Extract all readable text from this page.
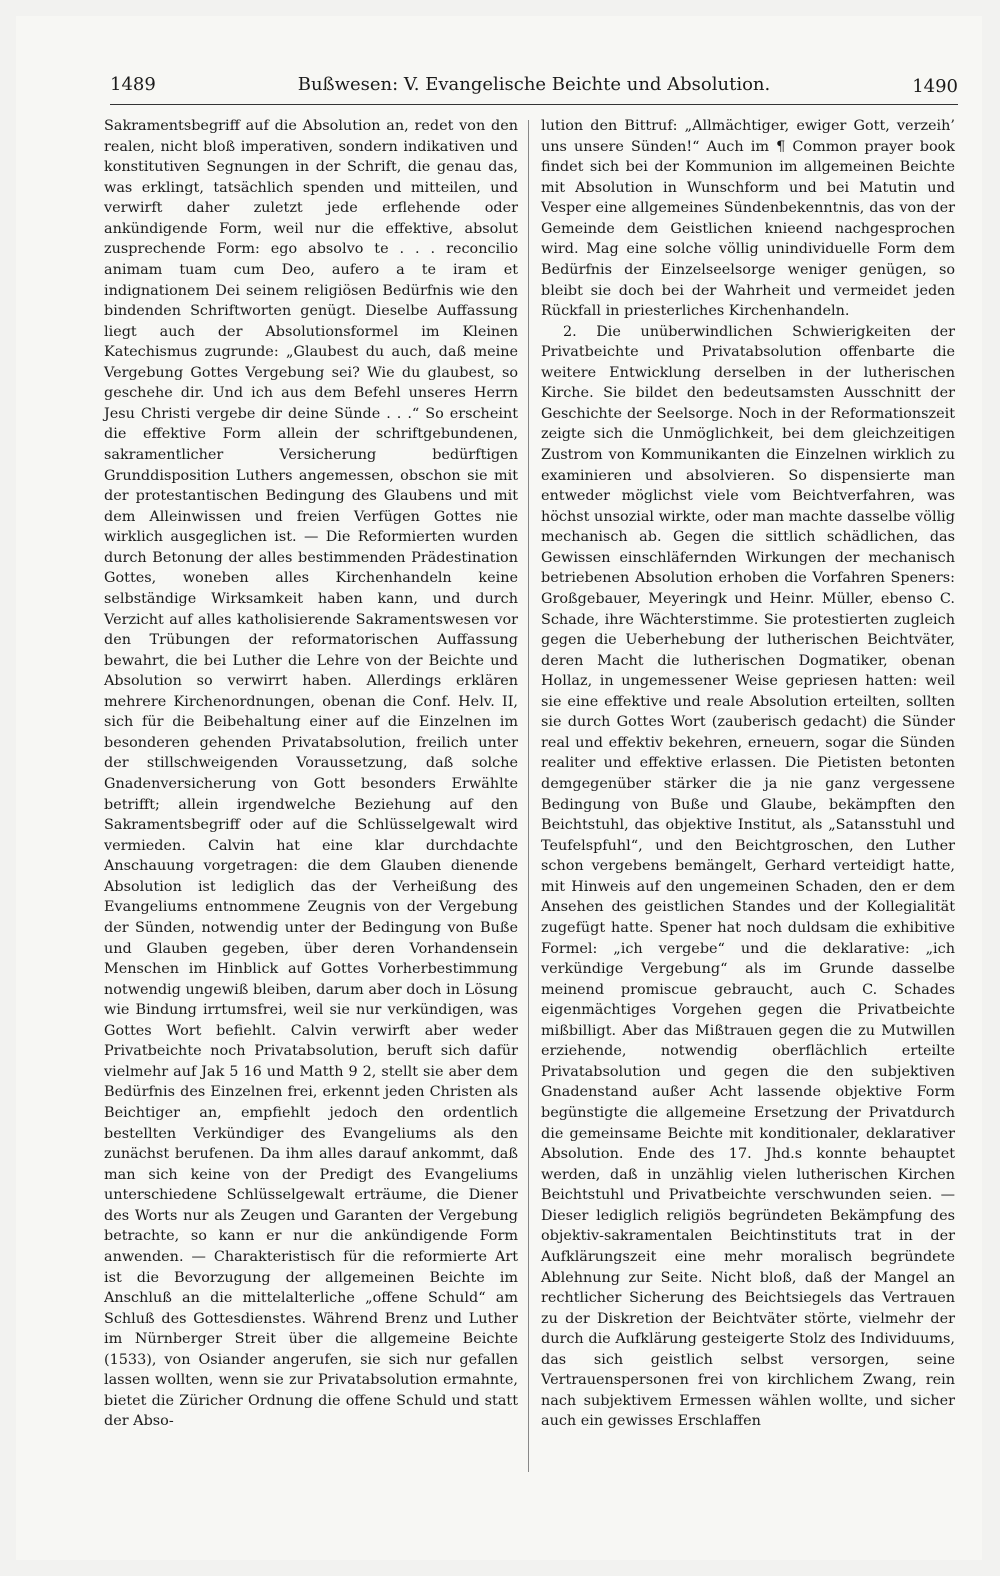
1489	Bußwesen: V. Evangelische Beichte und Absolution.	1490

Sakramentsbegriff auf die Absolution an, redet von den realen, nicht bloß imperativen, sondern indikativen und konstitutiven Segnungen in der Schrift, die genau das, was erklingt, tatsächlich spenden und mitteilen, und verwirft daher zuletzt jede erflehende oder ankündigende Form, weil nur die effektive, absolut zusprechende Form: ego absolvo te . . . reconcilio animam tuam cum Deo, aufero a te iram et indignationem Dei seinem religiösen Bedürfnis wie den bindenden Schriftworten genügt. Dieselbe Auffassung liegt auch der Absolutionsformel im Kleinen Katechismus zugrunde: „Glaubest du auch, daß meine Vergebung Gottes Vergebung sei? Wie du glaubest, so geschehe dir. Und ich aus dem Befehl unseres Herrn Jesu Christi vergebe dir deine Sünde . . .“ So erscheint die effektive Form allein der schriftgebundenen, sakramentlicher Versicherung bedürftigen Grunddisposition Luthers angemessen, obschon sie mit der protestantischen Bedingung des Glaubens und mit dem Alleinwissen und freien Verfügen Gottes nie wirklich ausgeglichen ist. — Die Reformierten wurden durch Betonung der alles bestimmenden Prädestination Gottes, woneben alles Kirchenhandeln keine selbständige Wirksamkeit haben kann, und durch Verzicht auf alles katholisierende Sakramentswesen vor den Trübungen der reformatorischen Auffassung bewahrt, die bei Luther die Lehre von der Beichte und Absolution so verwirrt haben. Allerdings erklären mehrere Kirchenordnungen, obenan die Conf. Helv. II, sich für die Beibehaltung einer auf die Einzelnen im besonderen gehenden Privatabsolution, freilich unter der stillschweigenden Voraussetzung, daß solche Gnadenversicherung von Gott besonders Erwählte betrifft; allein irgendwelche Beziehung auf den Sakramentsbegriff oder auf die Schlüsselgewalt wird vermieden. Calvin hat eine klar durchdachte Anschauung vorgetragen: die dem Glauben dienende Absolution ist lediglich das der Verheißung des Evangeliums entnommene Zeugnis von der Vergebung der Sünden, notwendig unter der Bedingung von Buße und Glauben gegeben, über deren Vorhandensein Menschen im Hinblick auf Gottes Vorherbestimmung notwendig ungewiß bleiben, darum aber doch in Lösung wie Bindung irrtumsfrei, weil sie nur verkündigen, was Gottes Wort befiehlt. Calvin verwirft aber weder Privatbeichte noch Privatabsolution, beruft sich dafür vielmehr auf Jak 5 16 und Matth 9 2, stellt sie aber dem Bedürfnis des Einzelnen frei, erkennt jeden Christen als Beichtiger an, empfiehlt jedoch den ordentlich bestellten Verkündiger des Evangeliums als den zunächst berufenen. Da ihm alles darauf ankommt, daß man sich keine von der Predigt des Evangeliums unterschiedene Schlüsselgewalt erträume, die Diener des Worts nur als Zeugen und Garanten der Vergebung betrachte, so kann er nur die ankündigende Form anwenden. — Charakteristisch für die reformierte Art ist die Bevorzugung der allgemeinen Beichte im Anschluß an die mittelalterliche „offene Schuld“ am Schluß des Gottesdienstes. Während Brenz und Luther im Nürnberger Streit über die allgemeine Beichte (1533), von Osiander angerufen, sie sich nur gefallen lassen wollten, wenn sie zur Privatabsolution ermahnte, bietet die Züricher Ordnung die offene Schuld und statt der Abso-

lution den Bittruf: „Allmächtiger, ewiger Gott, verzeih’ uns unsere Sünden!“ Auch im ¶ Common prayer book findet sich bei der Kommunion im allgemeinen Beichte mit Absolution in Wunschform und bei Matutin und Vesper eine allgemeines Sündenbekenntnis, das von der Gemeinde dem Geistlichen knieend nachgesprochen wird. Mag eine solche völlig unindividuelle Form dem Bedürfnis der Einzelseelsorge weniger genügen, so bleibt sie doch bei der Wahrheit und vermeidet jeden Rückfall in priesterliches Kirchenhandeln.

2. Die unüberwindlichen Schwierigkeiten der Privatbeichte und Privatabsolution offenbarte die weitere Entwicklung derselben in der lutherischen Kirche. Sie bildet den bedeutsamsten Ausschnitt der Geschichte der Seelsorge. Noch in der Reformationszeit zeigte sich die Unmöglichkeit, bei dem gleichzeitigen Zustrom von Kommunikanten die Einzelnen wirklich zu examinieren und absolvieren. So dispensierte man entweder möglichst viele vom Beichtverfahren, was höchst unsozial wirkte, oder man machte dasselbe völlig mechanisch ab. Gegen die sittlich schädlichen, das Gewissen einschläfernden Wirkungen der mechanisch betriebenen Absolution erhoben die Vorfahren Speners: Großgebauer, Meyeringk und Heinr. Müller, ebenso C. Schade, ihre Wächterstimme. Sie protestierten zugleich gegen die Ueberhebung der lutherischen Beichtväter, deren Macht die lutherischen Dogmatiker, obenan Hollaz, in ungemessener Weise gepriesen hatten: weil sie eine effektive und reale Absolution erteilten, sollten sie durch Gottes Wort (zauberisch gedacht) die Sünder real und effektiv bekehren, erneuern, sogar die Sünden realiter und effektive erlassen. Die Pietisten betonten demgegenüber stärker die ja nie ganz vergessene Bedingung von Buße und Glaube, bekämpften den Beichtstuhl, das objektive Institut, als „Satansstuhl und Teufelspfuhl“, und den Beichtgroschen, den Luther schon vergebens bemängelt, Gerhard verteidigt hatte, mit Hinweis auf den ungemeinen Schaden, den er dem Ansehen des geistlichen Standes und der Kollegialität zugefügt hatte. Spener hat noch duldsam die exhibitive Formel: „ich vergebe“ und die deklarative: „ich verkündige Vergebung“ als im Grunde dasselbe meinend promiscue gebraucht, auch C. Schades eigenmächtiges Vorgehen gegen die Privatbeichte mißbilligt. Aber das Mißtrauen gegen die zu Mutwillen erziehende, notwendig oberflächlich erteilte Privatabsolution und gegen die den subjektiven Gnadenstand außer Acht lassende objektive Form begünstigte die allgemeine Ersetzung der Privatdurch die gemeinsame Beichte mit konditionaler, deklarativer Absolution. Ende des 17. Jhd.s konnte behauptet werden, daß in unzählig vielen lutherischen Kirchen Beichtstuhl und Privatbeichte verschwunden seien. — Dieser lediglich religiös begründeten Bekämpfung des objektiv-sakramentalen Beichtinstituts trat in der Aufklärungszeit eine mehr moralisch begründete Ablehnung zur Seite. Nicht bloß, daß der Mangel an rechtlicher Sicherung des Beichtsiegels das Vertrauen zu der Diskretion der Beichtväter störte, vielmehr der durch die Aufklärung gesteigerte Stolz des Individuums, das sich geistlich selbst versorgen, seine Vertrauenspersonen frei von kirchlichem Zwang, rein nach subjektivem Ermessen wählen wollte, und sicher auch ein gewisses Erschlaffen
